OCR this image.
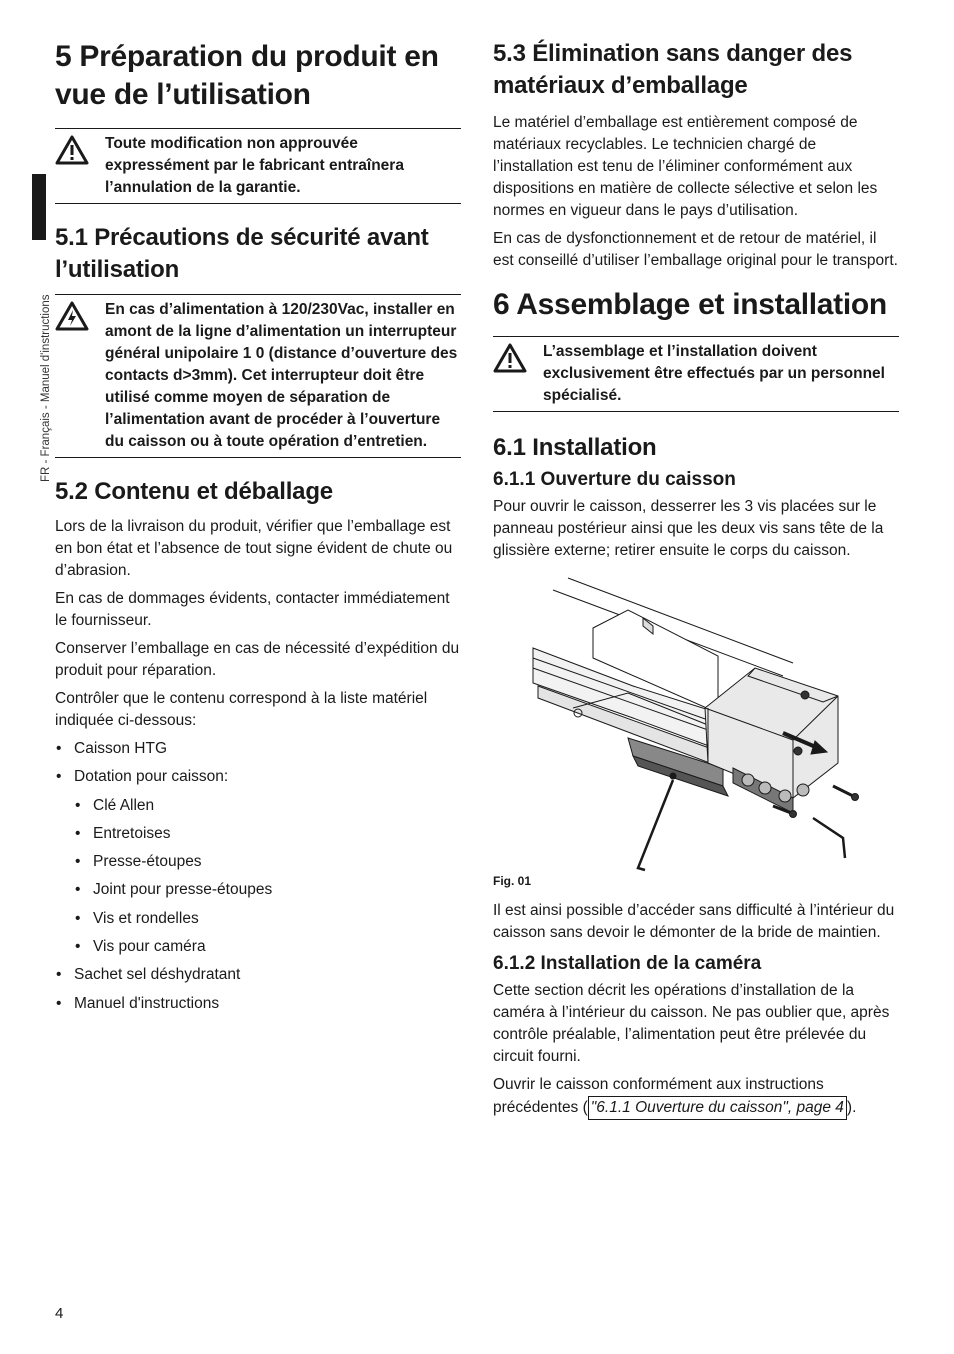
FR - Français - Manuel d'instructions
5 Préparation du produit en vue de l’utilisation
Toute modification non approuvée expressément par le fabricant entraînera l’annulation de la garantie.
5.1 Précautions de sécurité avant l’utilisation
En cas d’alimentation à 120/230Vac, installer en amont de la ligne d’alimentation un interrupteur général unipolaire 1 0 (distance d’ouverture des contacts d>3mm). Cet interrupteur doit être utilisé comme moyen de séparation de l’alimentation avant de procéder à l’ouverture du caisson ou à toute opération d’entretien.
5.2 Contenu et déballage

Lors de la livraison du produit, vérifier que l’emballage est en bon état et l’absence de tout signe évident de chute ou d’abrasion.

En cas de dommages évidents, contacter immédiatement le fournisseur.

Conserver l’emballage en cas de nécessité d’expédition du produit pour réparation.

Contrôler que le contenu correspond à la liste matériel indiquée ci-dessous:

• Caisson HTG
• Dotation pour caisson:
• Clé Allen
• Entretoises
• Presse-étoupes
• Joint pour presse-étoupes
• Vis et rondelles
• Vis pour caméra
• Sachet sel déshydratant
• Manuel d'instructions
5.3 Élimination sans danger des matériaux d’emballage

Le matériel d’emballage est entièrement composé de matériaux recyclables. Le technicien chargé de l’installation est tenu de l’éliminer conformément aux dispositions en matière de collecte sélective et selon les normes en vigueur dans le pays d’utilisation.

En cas de dysfonctionnement et de retour de matériel, il est conseillé d’utiliser l’emballage original pour le transport.

6 Assemblage et installation
L’assemblage et l’installation doivent exclusivement être effectués par un personnel spécialisé.
6.1 Installation
6.1.1 Ouverture du caisson

Pour ouvrir le caisson, desserrer les 3 vis placées sur le panneau postérieur ainsi que les deux vis sans tête de la glissière externe; retirer ensuite le corps du caisson.

Fig. 01

Il est ainsi possible d’accéder sans difficulté à l’intérieur du caisson sans devoir le démonter de la bride de maintien.

6.1.2 Installation de la caméra

Cette section décrit les opérations d’installation de la caméra à l’intérieur du caisson. Ne pas oublier que, après contrôle préalable, l’alimentation peut être prélevée du circuit fourni.

Ouvrir le caisson conformément aux instructions précédentes ( "6.1.1 Ouverture du caisson", page 4 ).

4
